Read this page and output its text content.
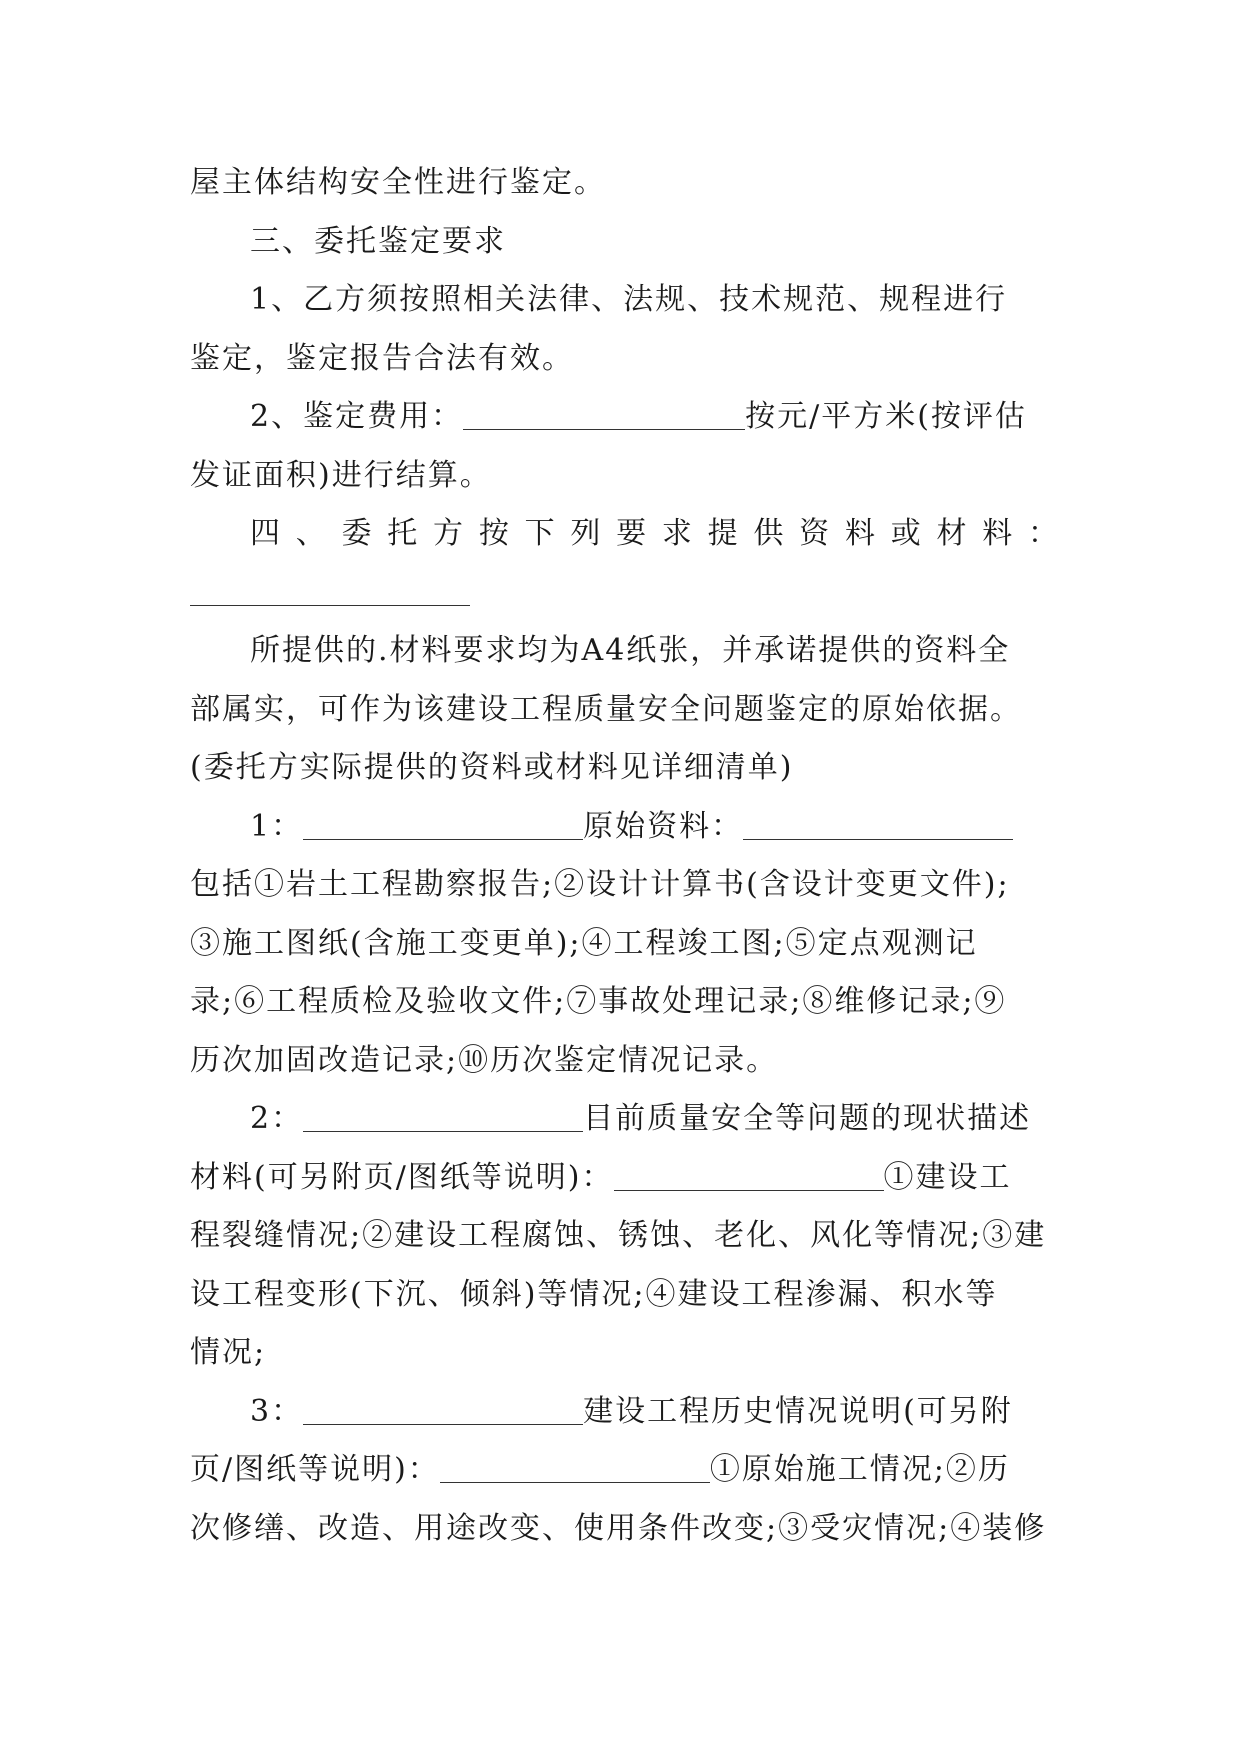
屋主体结构安全性进行鉴定。
三、委托鉴定要求
1、乙方须按照相关法律、法规、技术规范、规程进行
鉴定，鉴定报告合法有效。
2、鉴定费用：	按元/平方米(按评估
发证面积)进行结算。
四、委托方按下列要求提供资料或材料：
所提供的.材料要求均为A4纸张，并承诺提供的资料全
部属实，可作为该建设工程质量安全问题鉴定的原始依据。
(委托方实际提供的资料或材料见详细清单)
1：	原始资料：
包括①岩土工程勘察报告;②设计计算书(含设计变更文件);
③施工图纸(含施工变更单);④工程竣工图;⑤定点观测记
录;⑥工程质检及验收文件;⑦事故处理记录;⑧维修记录;⑨
历次加固改造记录;⑩历次鉴定情况记录。
2：	目前质量安全等问题的现状描述
材料(可另附页/图纸等说明)：	①建设工
程裂缝情况;②建设工程腐蚀、锈蚀、老化、风化等情况;③建
设工程变形(下沉、倾斜)等情况;④建设工程渗漏、积水等
情况;
3：	建设工程历史情况说明(可另附
页/图纸等说明)：	①原始施工情况;②历
次修缮、改造、用途改变、使用条件改变;③受灾情况;④装修
